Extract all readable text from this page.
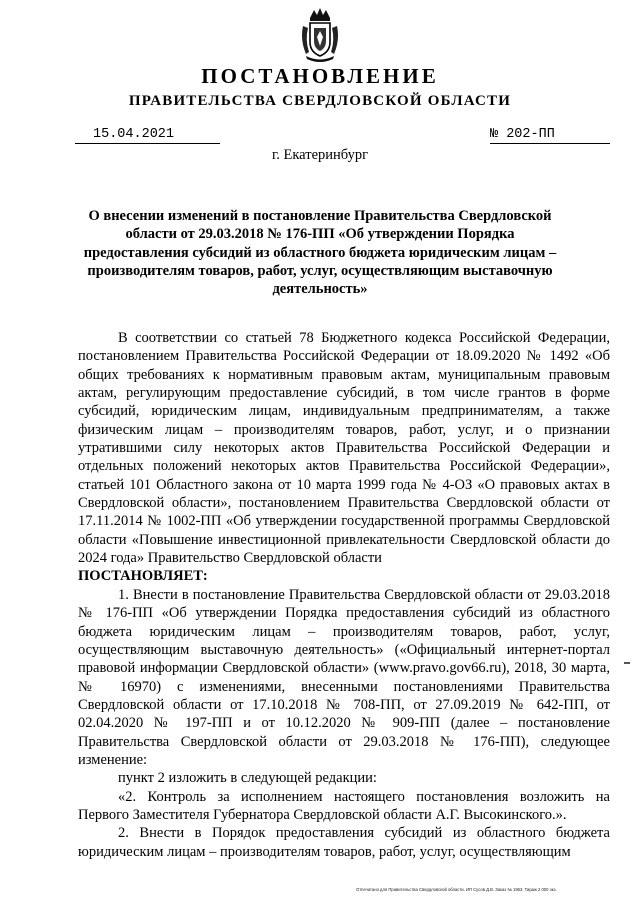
ПОСТАНОВЛЕНИЕ
ПРАВИТЕЛЬСТВА СВЕРДЛОВСКОЙ ОБЛАСТИ
15.04.2021	№ 202-ПП
г. Екатеринбург
О внесении изменений в постановление Правительства Свердловской области от 29.03.2018 № 176-ПП «Об утверждении Порядка предоставления субсидий из областного бюджета юридическим лицам – производителям товаров, работ, услуг, осуществляющим выставочную деятельность»

В соответствии со статьей 78 Бюджетного кодекса Российской Федерации, постановлением Правительства Российской Федерации от 18.09.2020 № 1492 «Об общих требованиях к нормативным правовым актам, муниципальным правовым актам, регулирующим предоставление субсидий, в том числе грантов в форме субсидий, юридическим лицам, индивидуальным предпринимателям, а также физическим лицам – производителям товаров, работ, услуг, и о признании утратившими силу некоторых актов Правительства Российской Федерации и отдельных положений некоторых актов Правительства Российской Федерации», статьей 101 Областного закона от 10 марта 1999 года № 4-ОЗ «О правовых актах в Свердловской области», постановлением Правительства Свердловской области от 17.11.2014 № 1002-ПП «Об утверждении государственной программы Свердловской области «Повышение инвестиционной привлекательности Свердловской области до 2024 года» Правительство Свердловской области

ПОСТАНОВЛЯЕТ:

1. Внести в постановление Правительства Свердловской области от 29.03.2018 № 176-ПП «Об утверждении Порядка предоставления субсидий из областного бюджета юридическим лицам – производителям товаров, работ, услуг, осуществляющим выставочную деятельность» («Официальный интернет-портал правовой информации Свердловской области» (www.pravo.gov66.ru), 2018, 30 марта, № 16970) с изменениями, внесенными постановлениями Правительства Свердловской области от 17.10.2018 № 708-ПП, от 27.09.2019 № 642-ПП, от 02.04.2020 № 197-ПП и от 10.12.2020 № 909-ПП (далее – постановление Правительства Свердловской области от 29.03.2018 № 176-ПП), следующее изменение:

пункт 2 изложить в следующей редакции:

«2. Контроль за исполнением настоящего постановления возложить на Первого Заместителя Губернатора Свердловской области А.Г. Высокинского.».

2. Внести в Порядок предоставления субсидий из областного бюджета юридическим лицам – производителям товаров, работ, услуг, осуществляющим

Отпечатано для Правительства Свердловской области. ИП Сусов Д.В. Заказ № 1963. Тираж 2 000 экз.
